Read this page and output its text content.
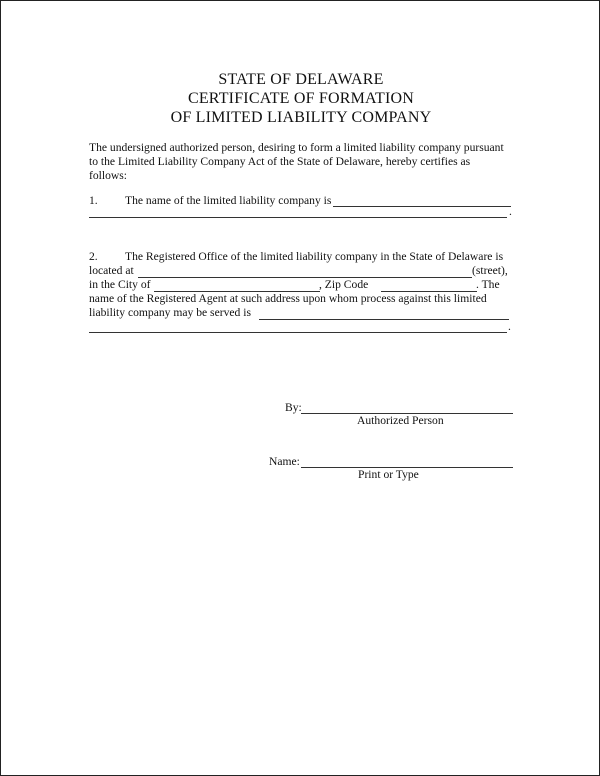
STATE OF DELAWARE
CERTIFICATE OF FORMATION
OF LIMITED LIABILITY COMPANY
The undersigned authorized person, desiring to form a limited liability company pursuant
to the Limited Liability Company Act of the State of Delaware, hereby certifies as
follows:
1. The name of the limited liability company is
.
2. The Registered Office of the limited liability company in the State of Delaware is
located at	(street),
in the City of	, Zip Code	. The
name of the Registered Agent at such address upon whom process against this limited
liability company may be served is
.
By:
Authorized Person
Name:
Print or Type
